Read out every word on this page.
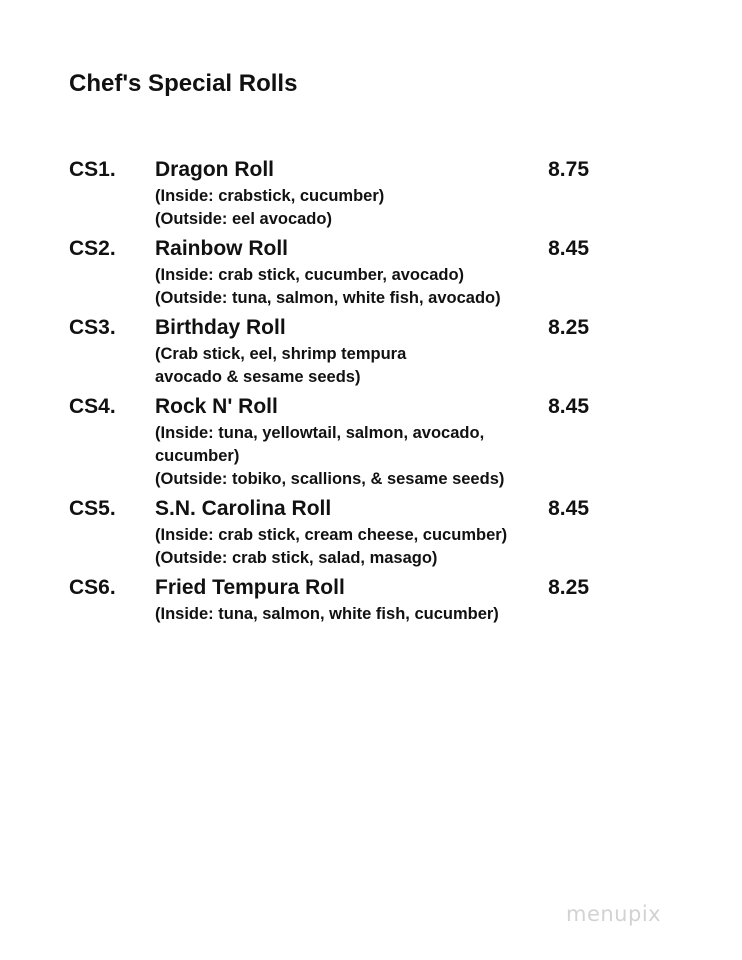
Chef's Special Rolls
CS1. Dragon Roll	8.75
(Inside: crabstick, cucumber)
(Outside: eel avocado)
CS2. Rainbow Roll	8.45
(Inside: crab stick, cucumber, avocado)
(Outside: tuna, salmon, white fish, avocado)
CS3. Birthday Roll	8.25
(Crab stick, eel, shrimp tempura
avocado & sesame seeds)
CS4. Rock N' Roll	8.45
(Inside: tuna, yellowtail, salmon, avocado,
cucumber)
(Outside: tobiko, scallions, & sesame seeds)
CS5. S.N. Carolina Roll	8.45
(Inside: crab stick, cream cheese, cucumber)
(Outside: crab stick, salad, masago)
CS6. Fried Tempura Roll	8.25
(Inside: tuna, salmon, white fish, cucumber)
menupix
